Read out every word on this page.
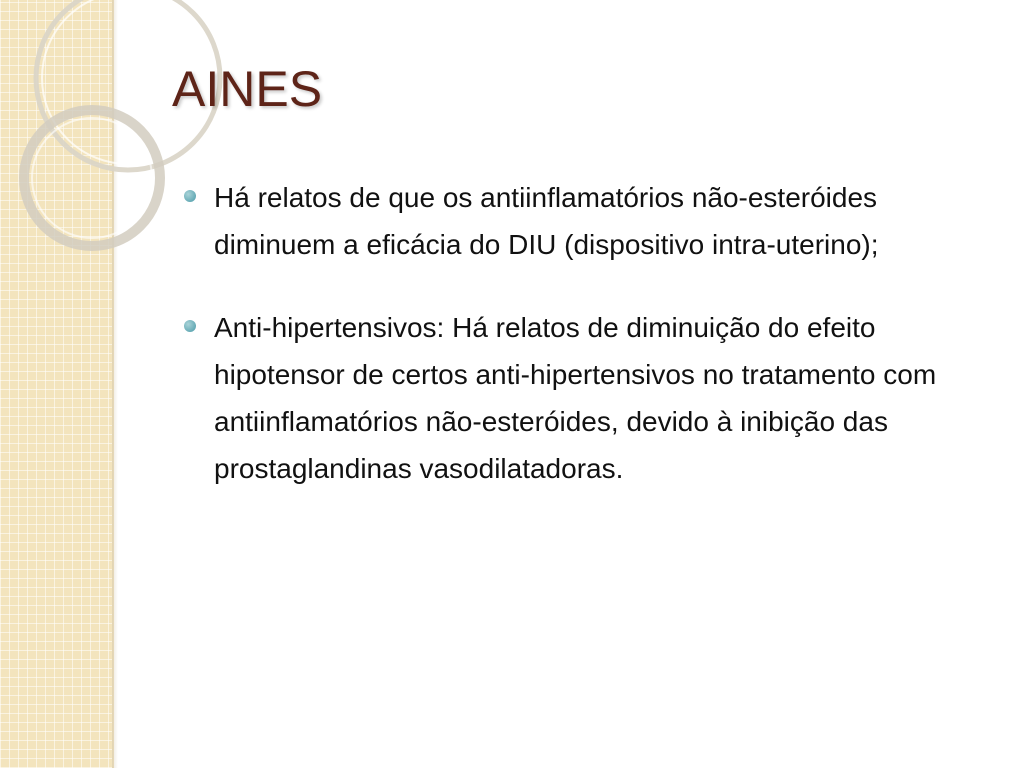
AINES
Há relatos de que os antiinflamatórios não-esteróides diminuem a eficácia do DIU (dispositivo intra-uterino);
Anti-hipertensivos: Há relatos de diminuição do efeito hipotensor de certos anti-hipertensivos no tratamento com antiinflamatórios não-esteróides, devido à inibição das prostaglandinas vasodilatadoras.
